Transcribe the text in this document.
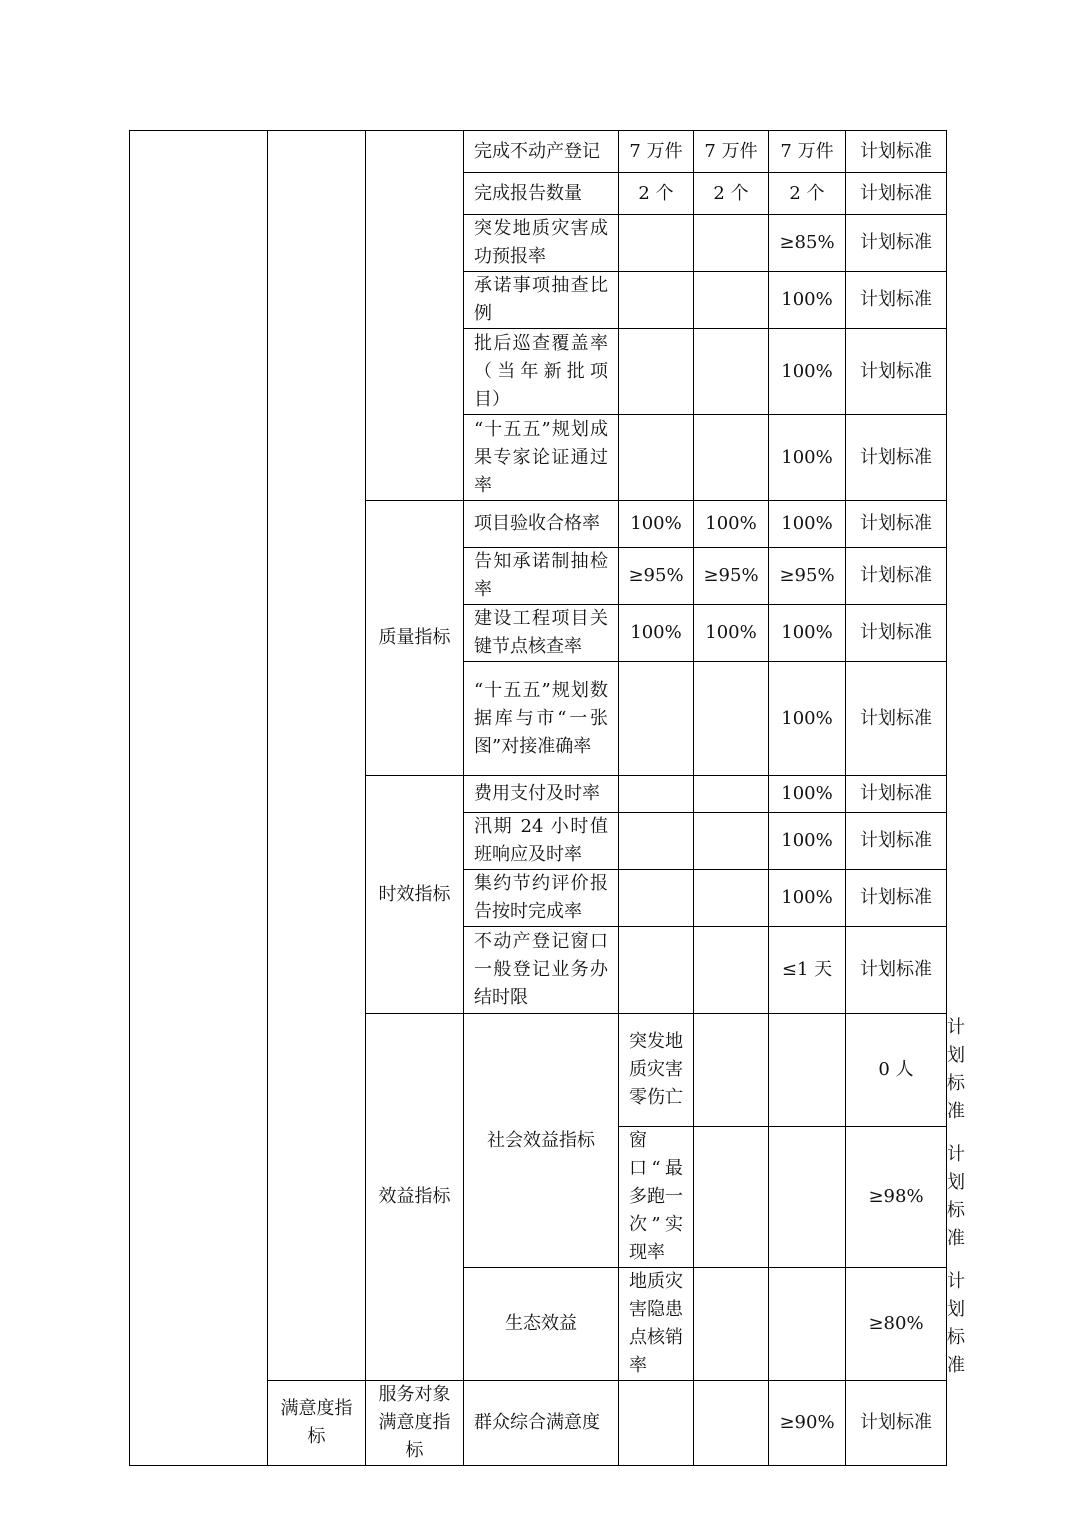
			完成不动产登记	7 万件	7 万件	7 万件	计划标准	
			完成报告数量	2 个	2 个	2 个	计划标准	
			突发地质灾害成功预报率			≥85%	计划标准	
			承诺事项抽查比例			100%	计划标准	
			批后巡查覆盖率（当年新批项目）			100%	计划标准	
			“十五五”规划成果专家论证通过率			100%	计划标准	
		质量指标	项目验收合格率	100%	100%	100%	计划标准	
			告知承诺制抽检率	≥95%	≥95%	≥95%	计划标准	
			建设工程项目关键节点核查率	100%	100%	100%	计划标准	
			“十五五”规划数据库与市“一张图”对接准确率			100%	计划标准	
		时效指标	费用支付及时率			100%	计划标准	
			汛期 24 小时值班响应及时率			100%	计划标准	
			集约节约评价报告按时完成率			100%	计划标准	
			不动产登记窗口一般登记业务办结时限			≤1 天	计划标准	
		效益指标	社会效益指标	突发地质灾害零伤亡			0 人	计划标准
				窗口“最多跑一次”实现率			≥98%	计划标准
			生态效益	地质灾害隐患点核销率			≥80%	计划标准
	满意度指标	服务对象满意度指标	群众综合满意度			≥90%	计划标准	
